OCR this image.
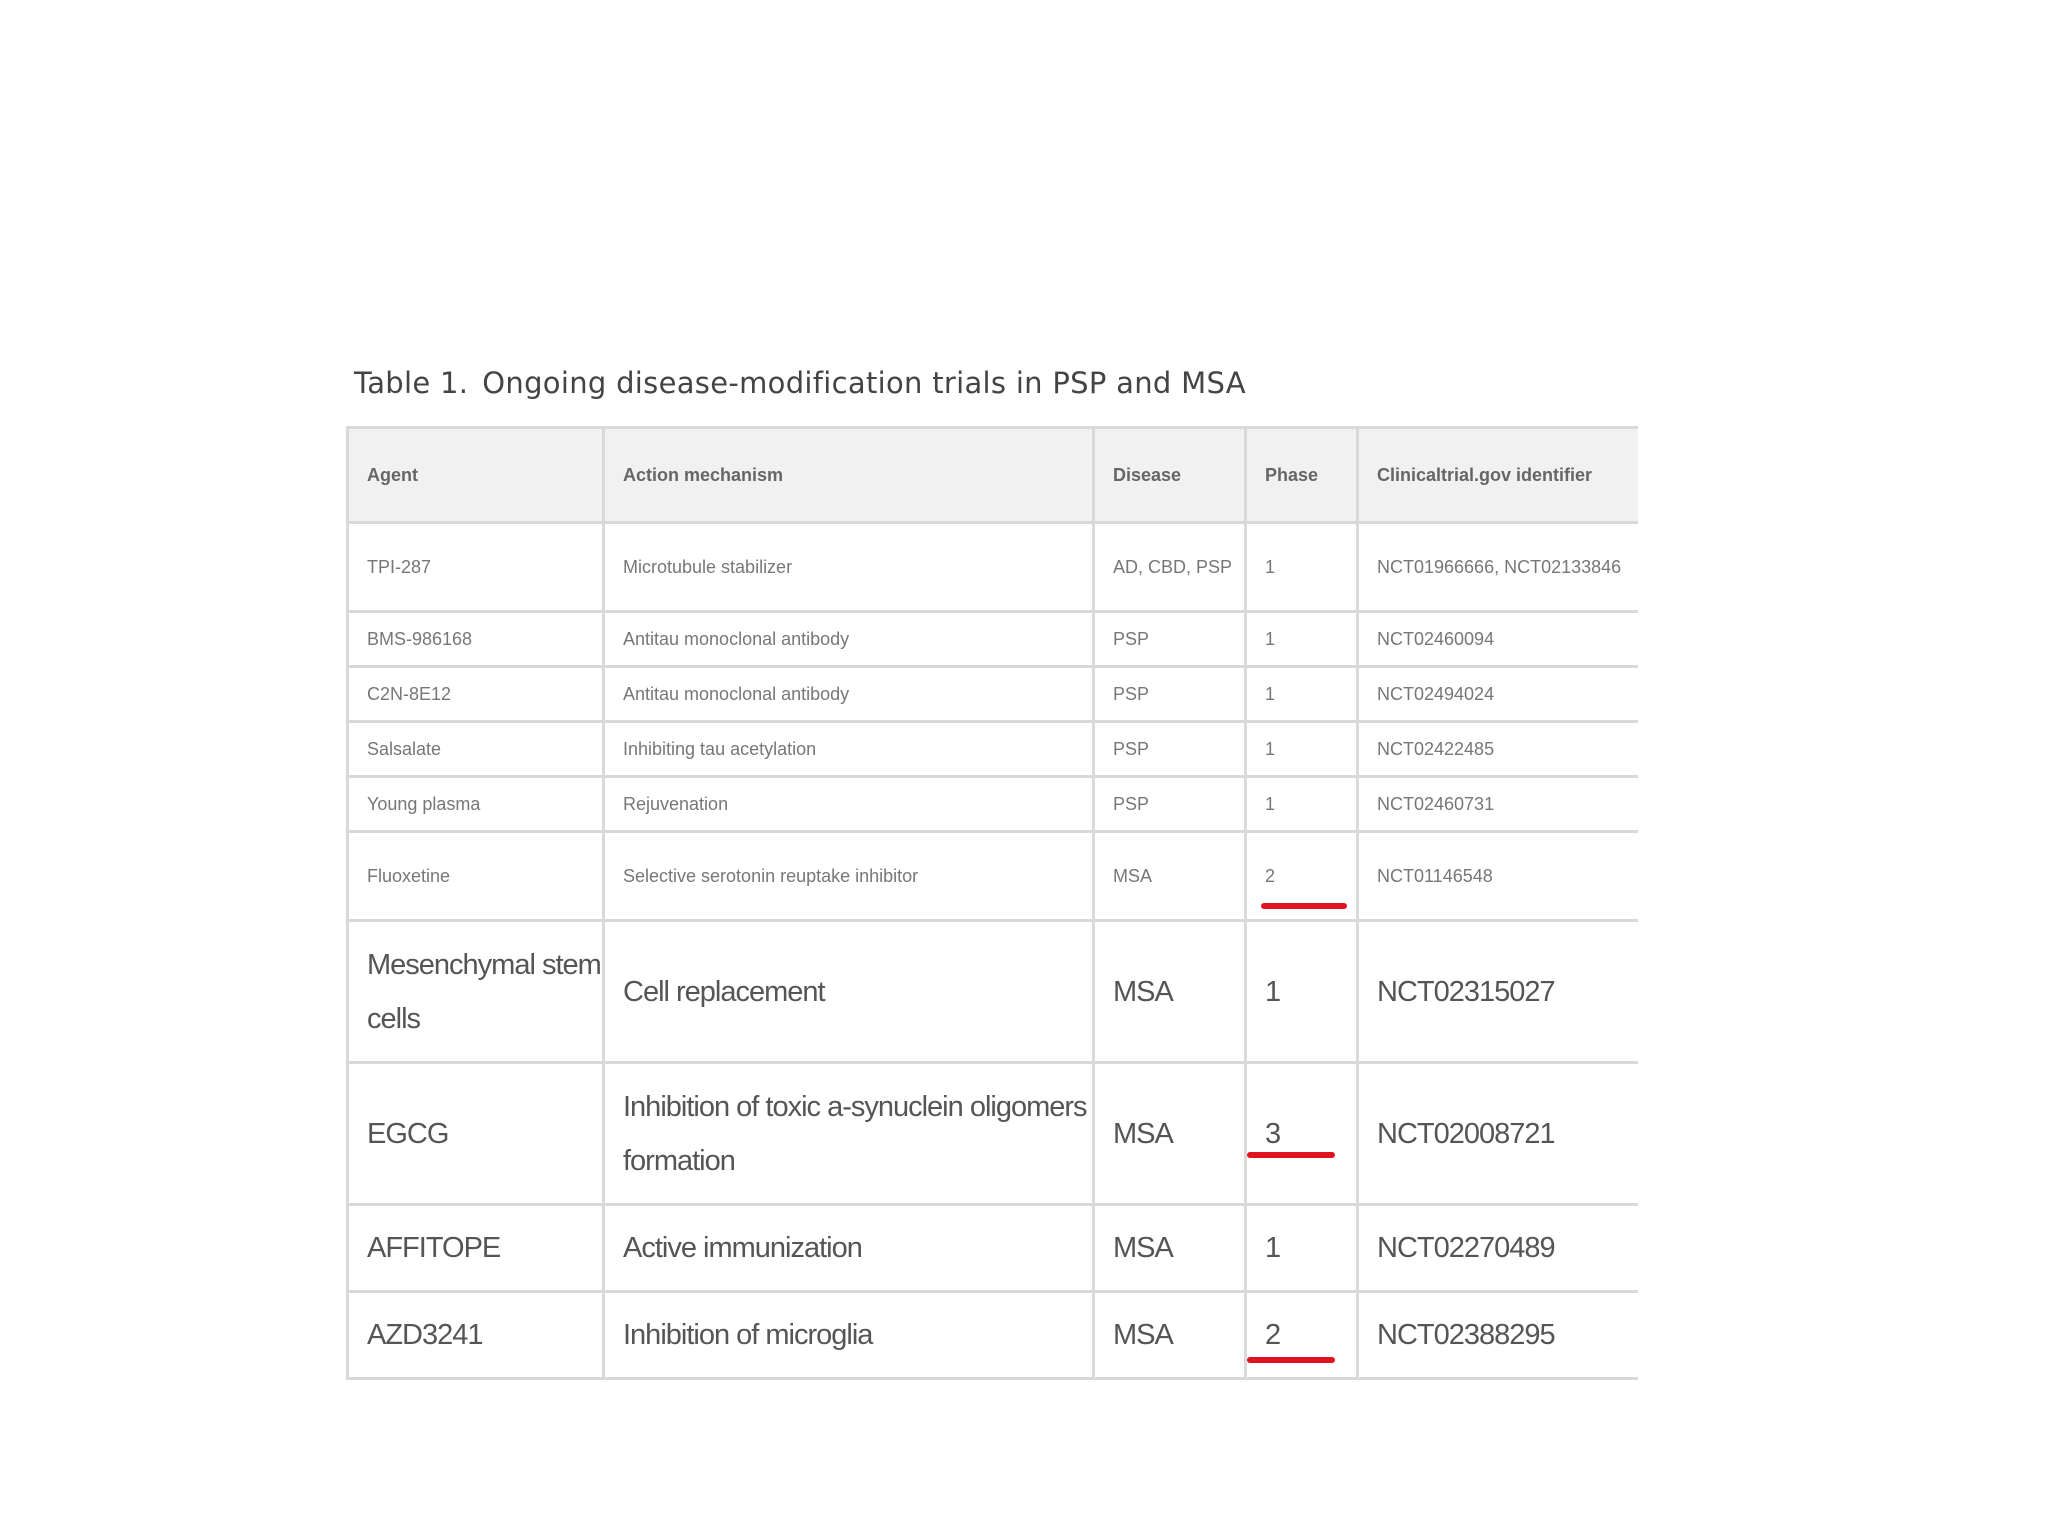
Table 1. Ongoing disease-modification trials in PSP and MSA
Agent	Action mechanism	Disease	Phase	Clinicaltrial.gov identifier
TPI-287	Microtubule stabilizer	AD, CBD, PSP	1	NCT01966666, NCT02133846
BMS-986168	Antitau monoclonal antibody	PSP	1	NCT02460094
C2N-8E12	Antitau monoclonal antibody	PSP	1	NCT02494024
Salsalate	Inhibiting tau acetylation	PSP	1	NCT02422485
Young plasma	Rejuvenation	PSP	1	NCT02460731
Fluoxetine	Selective serotonin reuptake inhibitor	MSA	2	NCT01146548
Mesenchymal stem cells	Cell replacement	MSA	1	NCT02315027
EGCG	Inhibition of toxic a-synuclein oligomers formation	MSA	3	NCT02008721
AFFITOPE	Active immunization	MSA	1	NCT02270489
AZD3241	Inhibition of microglia	MSA	2	NCT02388295
